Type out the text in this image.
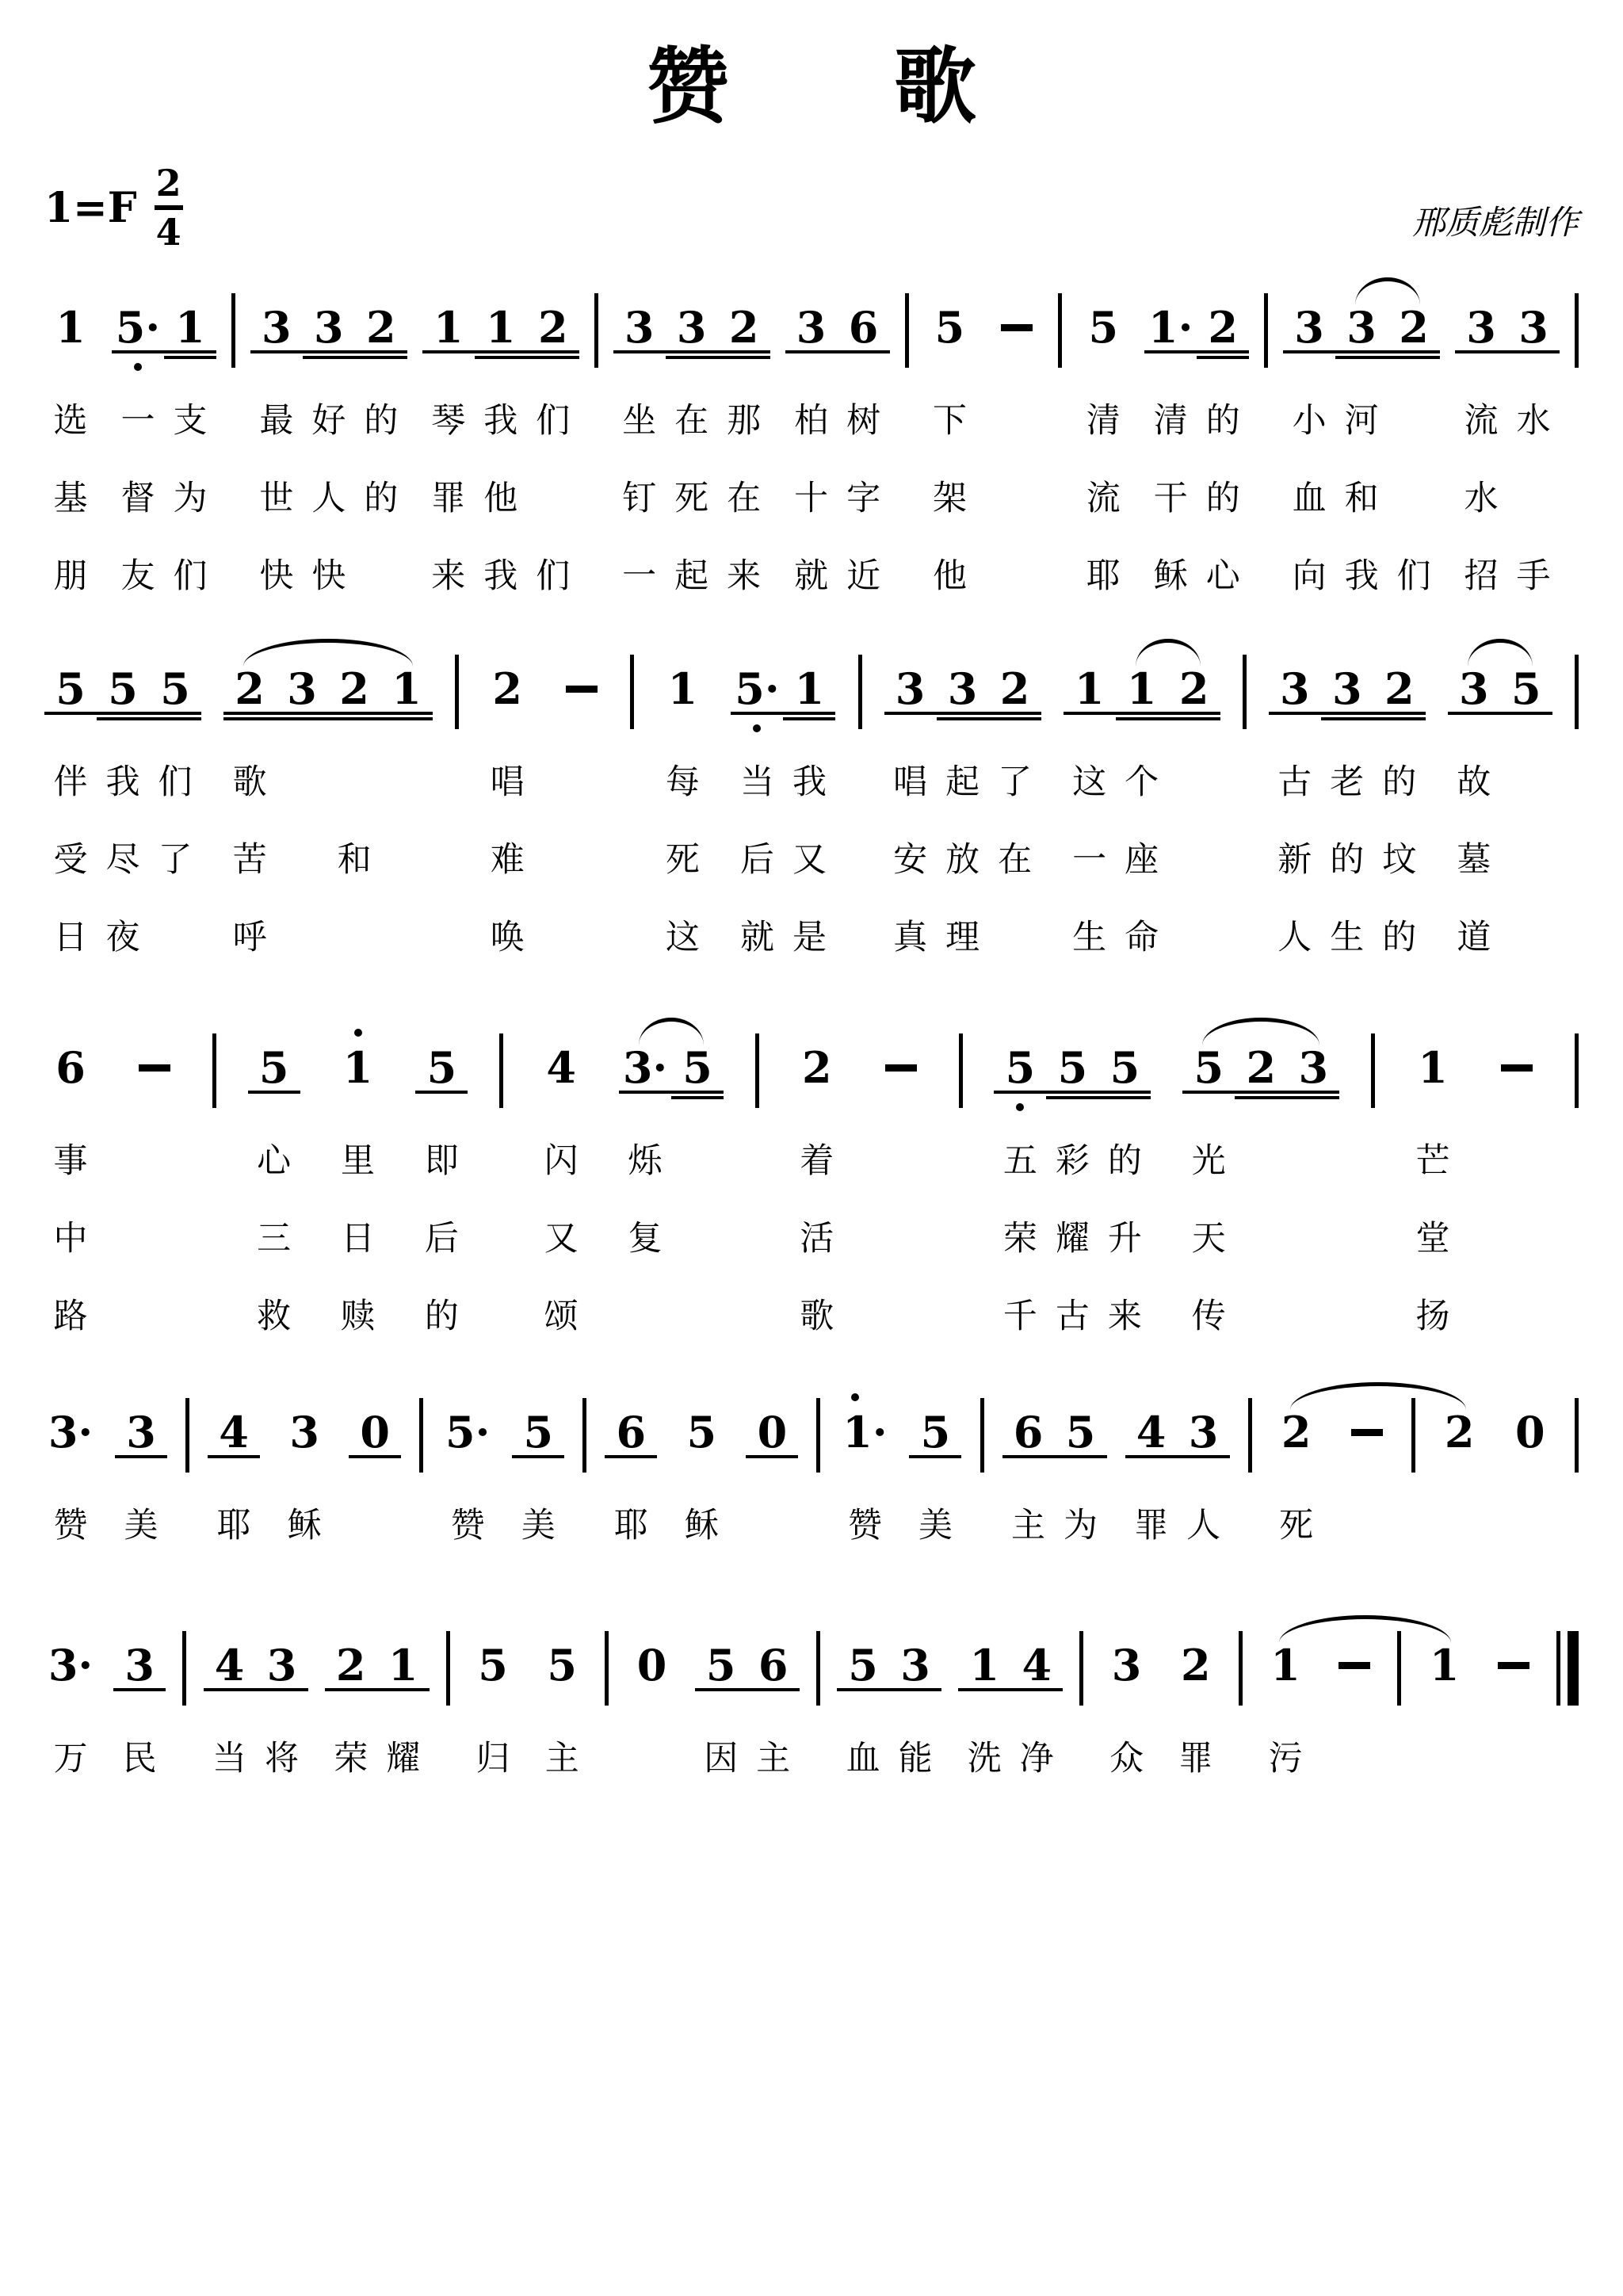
赞　　歌
1=F
2
4	邢质彪制作
1
选
基
朋
5·
一
督
友
1
支
为
们
3
最
世
快
3
好
人
快
2
的
的
1
琴
罪
来
1
我
他
我
2
们
们
3
坐
钉
一
3
在
死
起
2
那
在
来
3
柏
十
就
6
树
字
近
5
下
架
他
5
清
流
耶
1·
清
干
稣
2
的
的
心
3
小
血
向
3
河
和
我
2
们
3
流
水
招
3
水
手
5
伴
受
日
5
我
尽
夜
5
们
了
2
歌
苦
呼
3 2
和
1 2
唱
难
唤
1
每
死
这
5·
当
后
就
1
我
又
是
3
唱
安
真
3
起
放
理
2
了
在
1
这
一
生
1
个
座
命
2 3
古
新
人
3
老
的
生
2
的
坟
的
3
故
墓
道
5
6
事
中
路
5
心
三
救
1
里
日
赎
5
即
后
的
4
闪
又
颂
3·
烁
复
5 2
着
活
歌
5
五
荣
千
5
彩
耀
古
5
的
升
来
5
光
天
传
2 3 1
芒
堂
扬
3·
赞
3
美
4
耶
3
稣
0 5·
赞
5
美
6
耶
5
稣
0 1·
赞
5
美
6
主
5
为
4
罪
3
人
2
死
2 0
3·
万
3
民
4
当
3
将
2
荣
1
耀
5
归
5
主
0 5
因
6
主
5
血
3
能
1
洗
4
净
3
众
2
罪
1
污
1
